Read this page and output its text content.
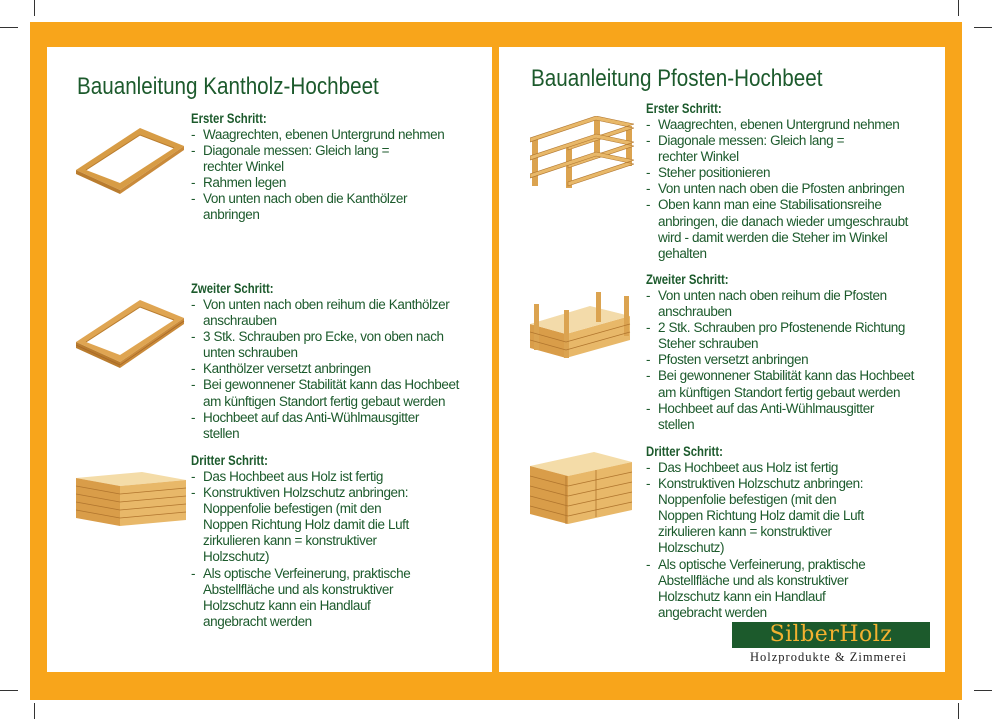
Bauanleitung Kantholz-Hochbeet

Erster Schritt:

- Waagrechten, ebenen Untergrund nehmen
- Diagonale messen: Gleich lang = rechter Winkel
- Rahmen legen
- Von unten nach oben die Kanthölzer anbringen

Zweiter Schritt:

- Von unten nach oben reihum die Kanthölzer anschrauben
- 3 Stk. Schrauben pro Ecke, von oben nach unten schrauben
- Kanthölzer versetzt anbringen
- Bei gewonnener Stabilität kann das Hochbeet am künftigen Standort fertig gebaut werden
- Hochbeet auf das Anti-Wühlmausgitter stellen

Dritter Schritt:

- Das Hochbeet aus Holz ist fertig
- Konstruktiven Holzschutz anbringen: Noppenfolie befestigen (mit den Noppen Richtung Holz damit die Luft zirkulieren kann = konstruktiver Holzschutz)
- Als optische Verfeinerung, praktische Abstellfläche und als konstruktiver Holzschutz kann ein Handlauf angebracht werden
Bauanleitung Pfosten-Hochbeet

Erster Schritt:

- Waagrechten, ebenen Untergrund nehmen
- Diagonale messen: Gleich lang = rechter Winkel
- Steher positionieren
- Von unten nach oben die Pfosten anbringen
- Oben kann man eine Stabilisationsreihe anbringen, die danach wieder umgeschraubt wird - damit werden die Steher im Winkel gehalten

Zweiter Schritt:

- Von unten nach oben reihum die Pfosten anschrauben
- 2 Stk. Schrauben pro Pfostenende Richtung Steher schrauben
- Pfosten versetzt anbringen
- Bei gewonnener Stabilität kann das Hochbeet am künftigen Standort fertig gebaut werden
- Hochbeet auf das Anti-Wühlmausgitter stellen

Dritter Schritt:

- Das Hochbeet aus Holz ist fertig
- Konstruktiven Holzschutz anbringen: Noppenfolie befestigen (mit den Noppen Richtung Holz damit die Luft zirkulieren kann = konstruktiver Holzschutz)
- Als optische Verfeinerung, praktische Abstellfläche und als konstruktiver Holzschutz kann ein Handlauf angebracht werden
SilberHolz
Holzprodukte & Zimmerei
